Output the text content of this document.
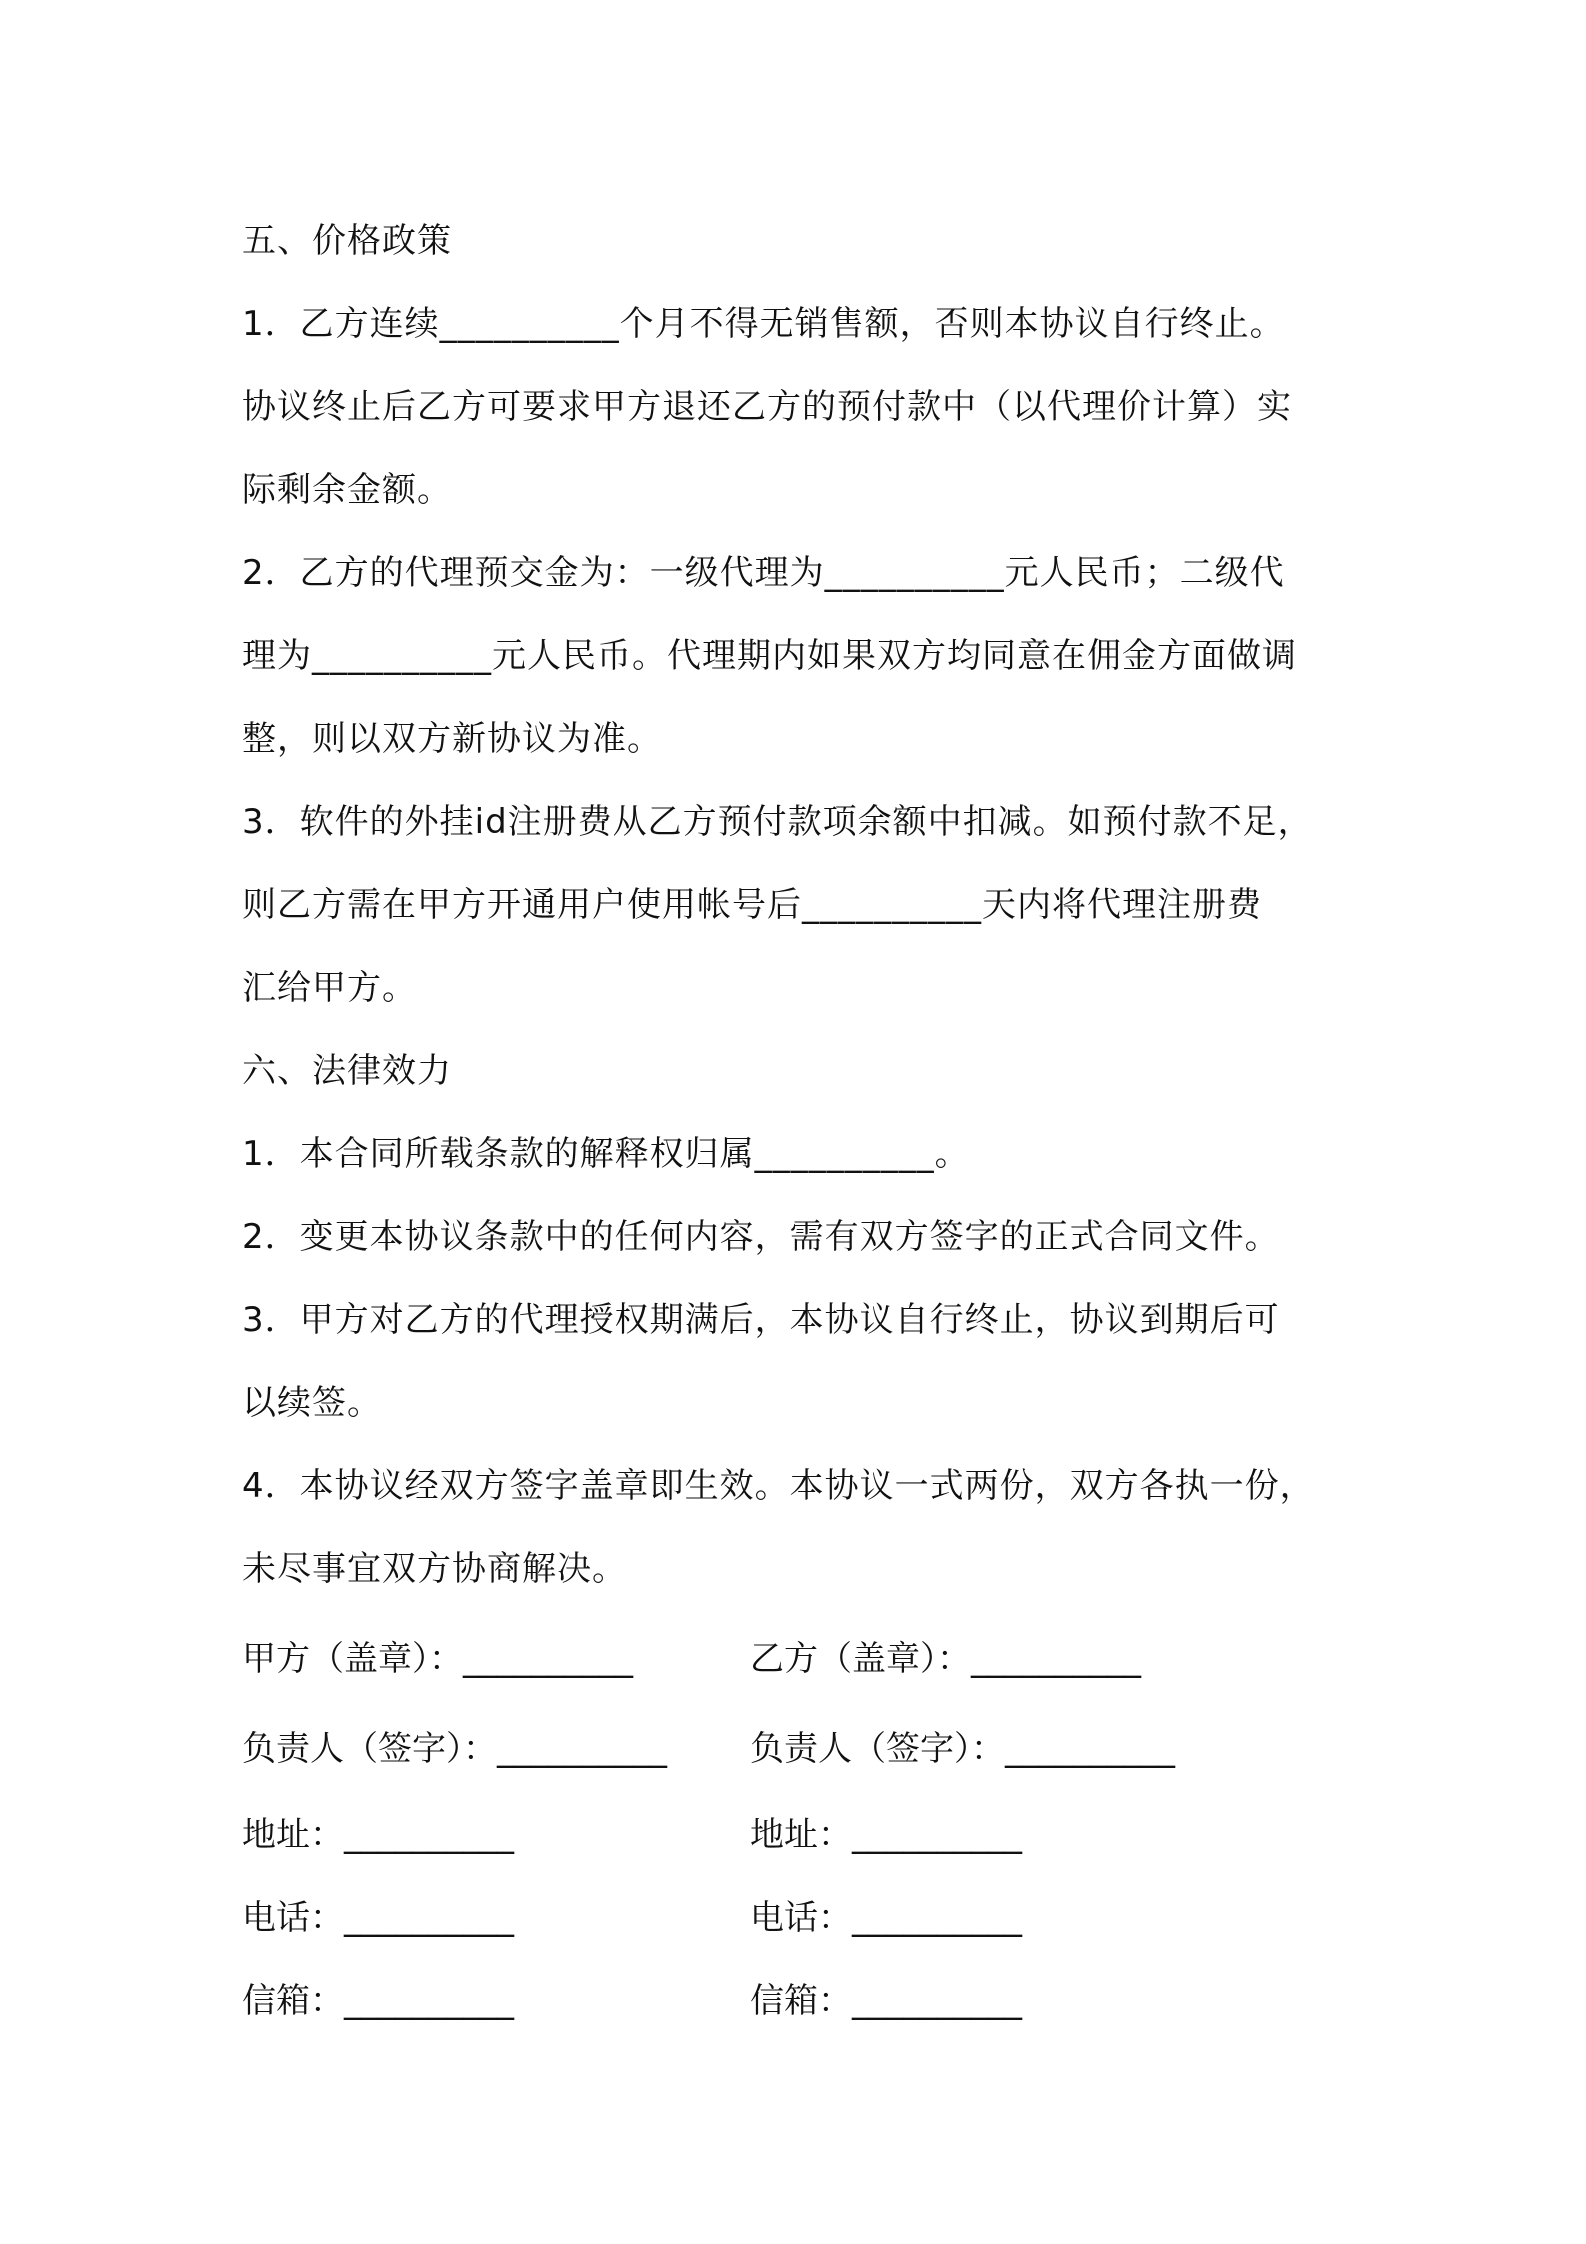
五、价格政策
1．乙方连续__________个月不得无销售额，否则本协议自行终止。
协议终止后乙方可要求甲方退还乙方的预付款中（以代理价计算）实
际剩余金额。
2．乙方的代理预交金为：一级代理为__________元人民币；二级代
理为__________元人民币。代理期内如果双方均同意在佣金方面做调
整，则以双方新协议为准。
3．软件的外挂id注册费从乙方预付款项余额中扣减。如预付款不足，
则乙方需在甲方开通用户使用帐号后__________天内将代理注册费
汇给甲方。
六、法律效力
1．本合同所载条款的解释权归属__________。
2．变更本协议条款中的任何内容，需有双方签字的正式合同文件。
3．甲方对乙方的代理授权期满后，本协议自行终止，协议到期后可
以续签。
4．本协议经双方签字盖章即生效。本协议一式两份，双方各执一份，
未尽事宜双方协商解决。
甲方（盖章）：__________	乙方（盖章）：__________
负责人（签字）：__________ 负责人（签字）：__________
地址：__________	地址：__________
电话：__________	电话：__________
信箱：__________	信箱：__________
